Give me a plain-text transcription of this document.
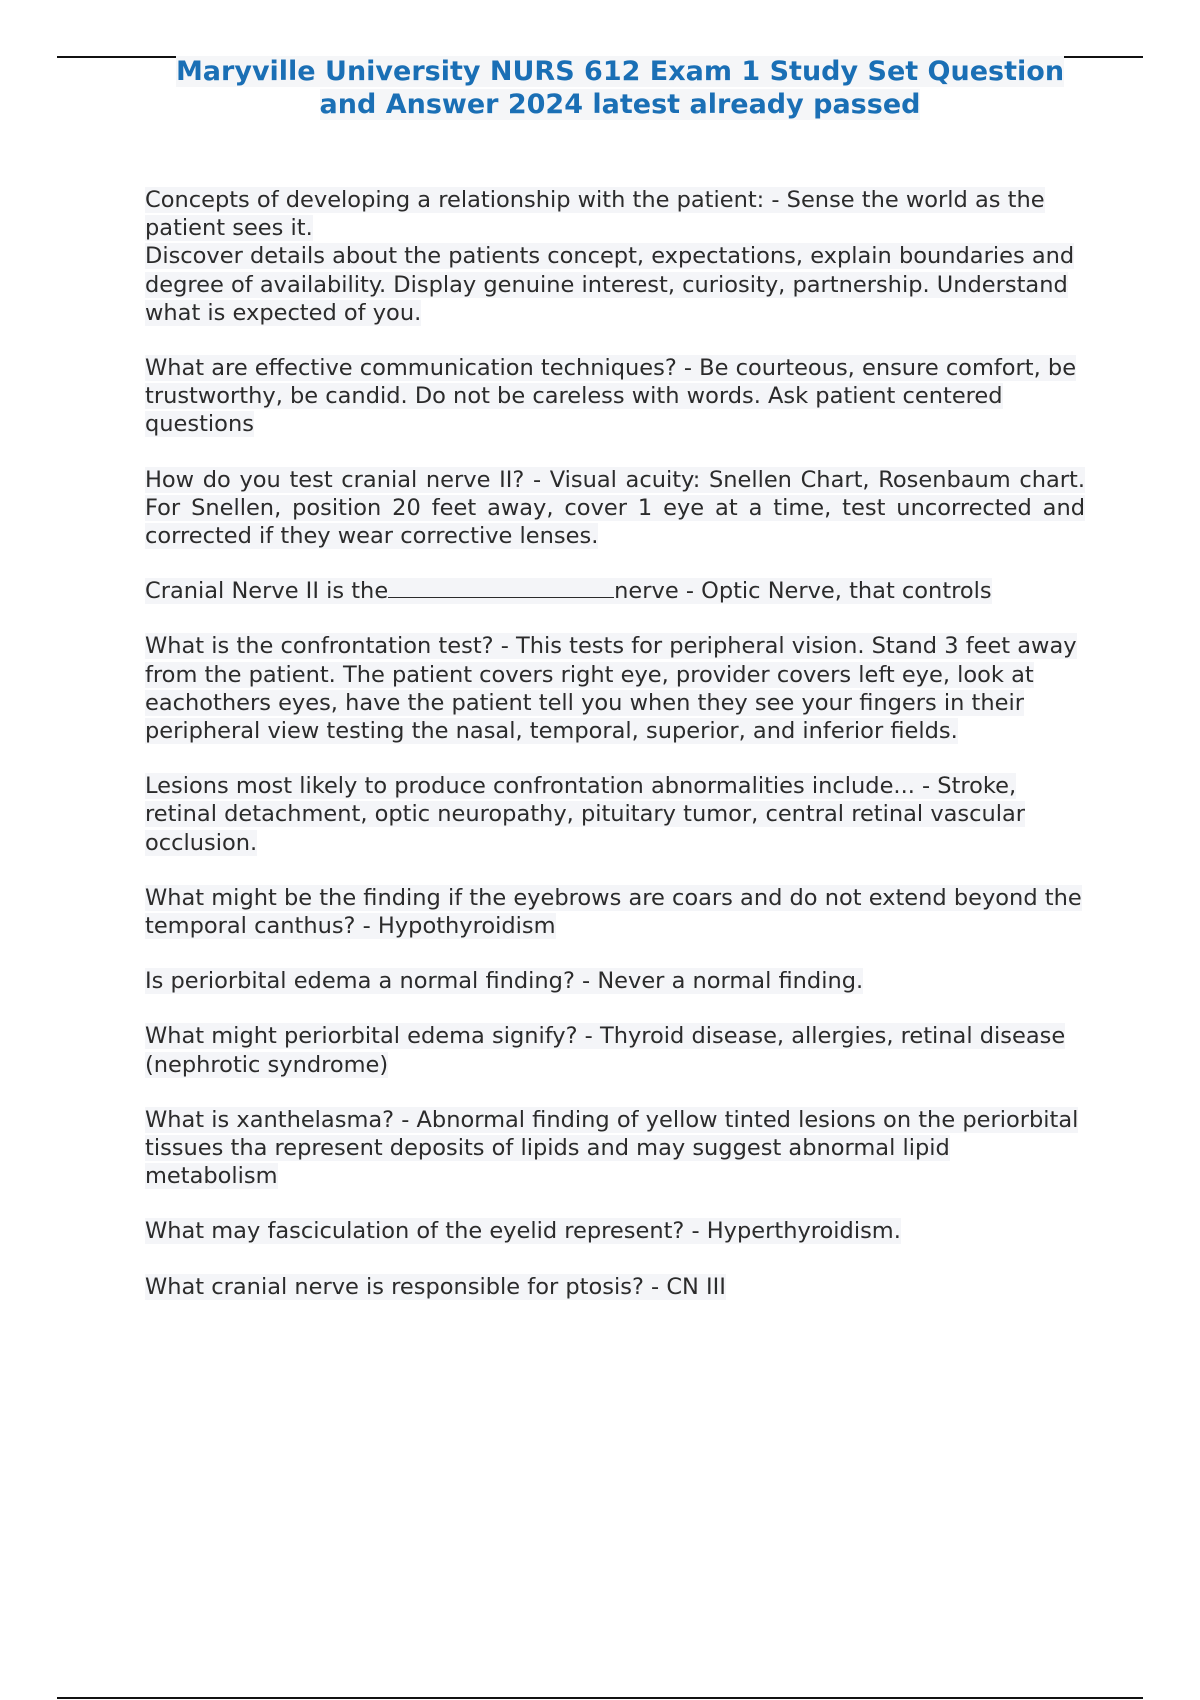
Maryville University NURS 612 Exam 1 Study Set Question
and Answer 2024 latest already passed
Concepts of developing a relationship with the patient: - Sense the world as the patient sees it.
Discover details about the patients concept, expectations, explain boundaries and degree of availability. Display genuine interest, curiosity, partnership. Understand what is expected of you.
What are effective communication techniques? - Be courteous, ensure comfort, be trustworthy, be candid. Do not be careless with words. Ask patient centered questions
How do you test cranial nerve II? - Visual acuity: Snellen Chart, Rosenbaum chart. For Snellen, position 20 feet away, cover 1 eye at a time, test uncorrected and corrected if they wear corrective lenses.
Cranial Nerve II is the	nerve - Optic Nerve, that controls
What is the confrontation test? - This tests for peripheral vision. Stand 3 feet away from the patient. The patient covers right eye, provider covers left eye, look at eachothers eyes, have the patient tell you when they see your fingers in their peripheral view testing the nasal, temporal, superior, and inferior fields.
Lesions most likely to produce confrontation abnormalities include... - Stroke, retinal detachment, optic neuropathy, pituitary tumor, central retinal vascular occlusion.
What might be the finding if the eyebrows are coars and do not extend beyond the temporal canthus? - Hypothyroidism
Is periorbital edema a normal finding? - Never a normal finding.
What might periorbital edema signify? - Thyroid disease, allergies, retinal disease (nephrotic syndrome)
What is xanthelasma? - Abnormal finding of yellow tinted lesions on the periorbital tissues tha represent deposits of lipids and may suggest abnormal lipid metabolism
What may fasciculation of the eyelid represent? - Hyperthyroidism.
What cranial nerve is responsible for ptosis? - CN III
